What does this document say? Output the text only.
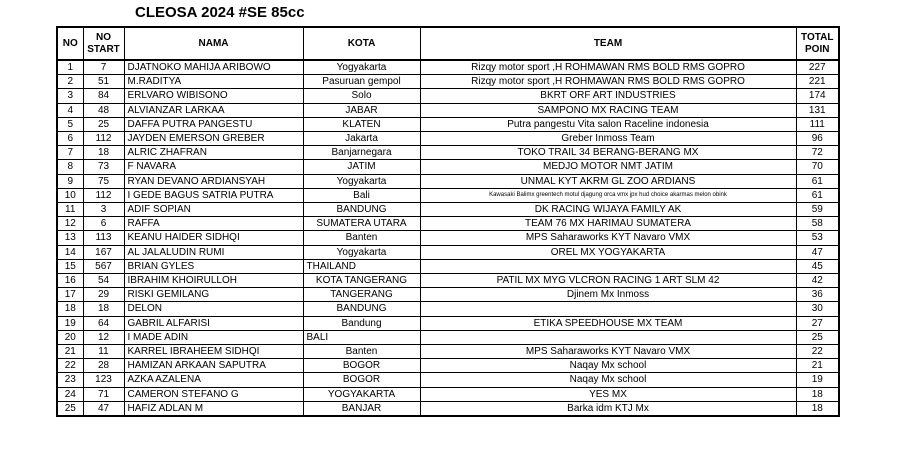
CLEOSA 2024 #SE 85cc
NO	NO START	NAMA	KOTA	TEAM	TOTAL POIN
1	7	DJATNOKO MAHIJA ARIBOWO	Yogyakarta	Rizqy motor sport ,H ROHMAWAN RMS BOLD RMS GOPRO	227
2	51	M.RADITYA	Pasuruan gempol	Rizqy motor sport ,H ROHMAWAN RMS BOLD RMS GOPRO	221
3	84	ERLVARO WIBISONO	Solo	BKRT ORF ART INDUSTRIES	174
4	48	ALVIANZAR LARKAA	JABAR	SAMPONO MX RACING TEAM	131
5	25	DAFFA PUTRA PANGESTU	KLATEN	Putra pangestu Vita salon Raceline indonesia	111
6	112	JAYDEN EMERSON GREBER	Jakarta	Greber Inmoss Team	96
7	18	ALRIC ZHAFRAN	Banjarnegara	TOKO TRAIL 34 BERANG-BERANG MX	72
8	73	F NAVARA	JATIM	MEDJO MOTOR NMT JATIM	70
9	75	RYAN DEVANO ARDIANSYAH	Yogyakarta	UNMAL KYT AKRM GL ZOO ARDIANS	61
10	112	I GEDE BAGUS SATRIA PUTRA	Bali	Kawasaki Balimx greentech motul djagung orca vmx jpx hud choice akarmas melon obink	61
11	3	ADIF SOPIAN	BANDUNG	DK RACING WIJAYA FAMILY AK	59
12	6	RAFFA	SUMATERA UTARA	TEAM 76 MX HARIMAU SUMATERA	58
13	113	KEANU HAIDER SIDHQI	Banten	MPS Saharaworks KYT Navaro VMX	53
14	167	AL JALALUDIN RUMI	Yogyakarta	OREL MX YOGYAKARTA	47
15	567	BRIAN GYLES	THAILAND		45
16	54	IBRAHIM KHOIRULLOH	KOTA TANGERANG	PATIL MX MYG VLCRON RACING 1 ART SLM 42	42
17	29	RISKI GEMILANG	TANGERANG	Djinem Mx Inmoss	36
18	18	DELON	BANDUNG		30
19	64	GABRIL ALFARISI	Bandung	ETIKA SPEEDHOUSE MX TEAM	27
20	12	I MADE ADIN	BALI		25
21	11	KARREL IBRAHEEM SIDHQI	Banten	MPS Saharaworks KYT Navaro VMX	22
22	28	HAMIZAN ARKAAN SAPUTRA	BOGOR	Naqay Mx school	21
23	123	AZKA AZALENA	BOGOR	Naqay Mx school	19
24	71	CAMERON STEFANO G	YOGYAKARTA	YES MX	18
25	47	HAFIZ ADLAN M	BANJAR	Barka idm KTJ Mx	18
